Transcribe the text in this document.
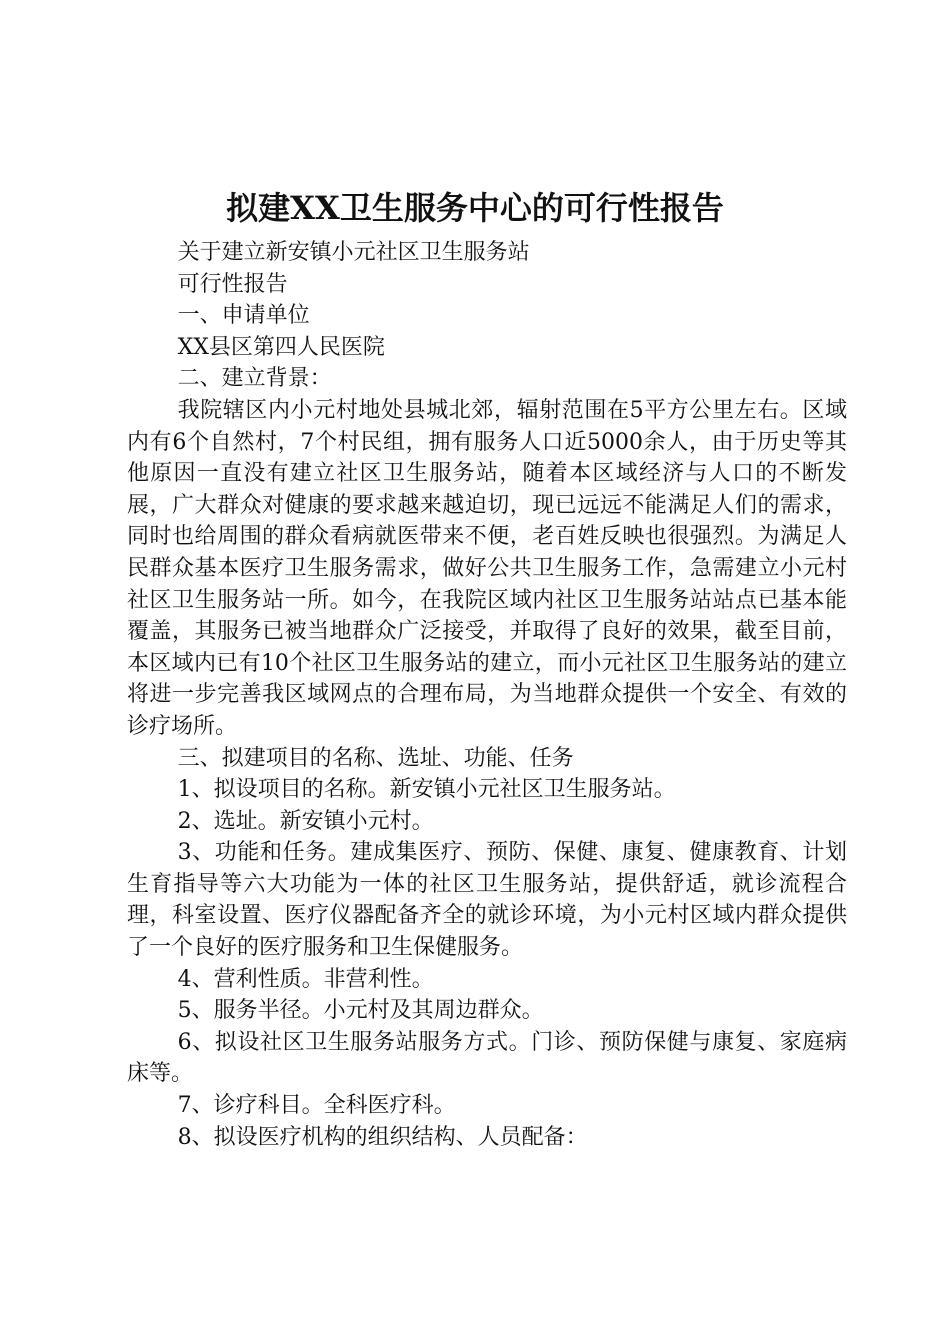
拟建XX卫生服务中心的可行性报告

关于建立新安镇小元社区卫生服务站

可行性报告

一、申请单位

XX县区第四人民医院

二、建立背景：

我院辖区内小元村地处县城北郊，辐射范围在5平方公里左右。区域内有6个自然村，7个村民组，拥有服务人口近5000余人，由于历史等其他原因一直没有建立社区卫生服务站，随着本区域经济与人口的不断发展，广大群众对健康的要求越来越迫切，现已远远不能满足人们的需求，同时也给周围的群众看病就医带来不便，老百姓反映也很强烈。为满足人民群众基本医疗卫生服务需求，做好公共卫生服务工作，急需建立小元村社区卫生服务站一所。如今，在我院区域内社区卫生服务站站点已基本能覆盖，其服务已被当地群众广泛接受，并取得了良好的效果，截至目前，本区域内已有10个社区卫生服务站的建立，而小元社区卫生服务站的建立将进一步完善我区域网点的合理布局，为当地群众提供一个安全、有效的诊疗场所。

三、拟建项目的名称、选址、功能、任务

1、拟设项目的名称。新安镇小元社区卫生服务站。

2、选址。新安镇小元村。

3、功能和任务。建成集医疗、预防、保健、康复、健康教育、计划生育指导等六大功能为一体的社区卫生服务站，提供舒适，就诊流程合理，科室设置、医疗仪器配备齐全的就诊环境，为小元村区域内群众提供了一个良好的医疗服务和卫生保健服务。

4、营利性质。非营利性。

5、服务半径。小元村及其周边群众。

6、拟设社区卫生服务站服务方式。门诊、预防保健与康复、家庭病床等。

7、诊疗科目。全科医疗科。

8、拟设医疗机构的组织结构、人员配备：
